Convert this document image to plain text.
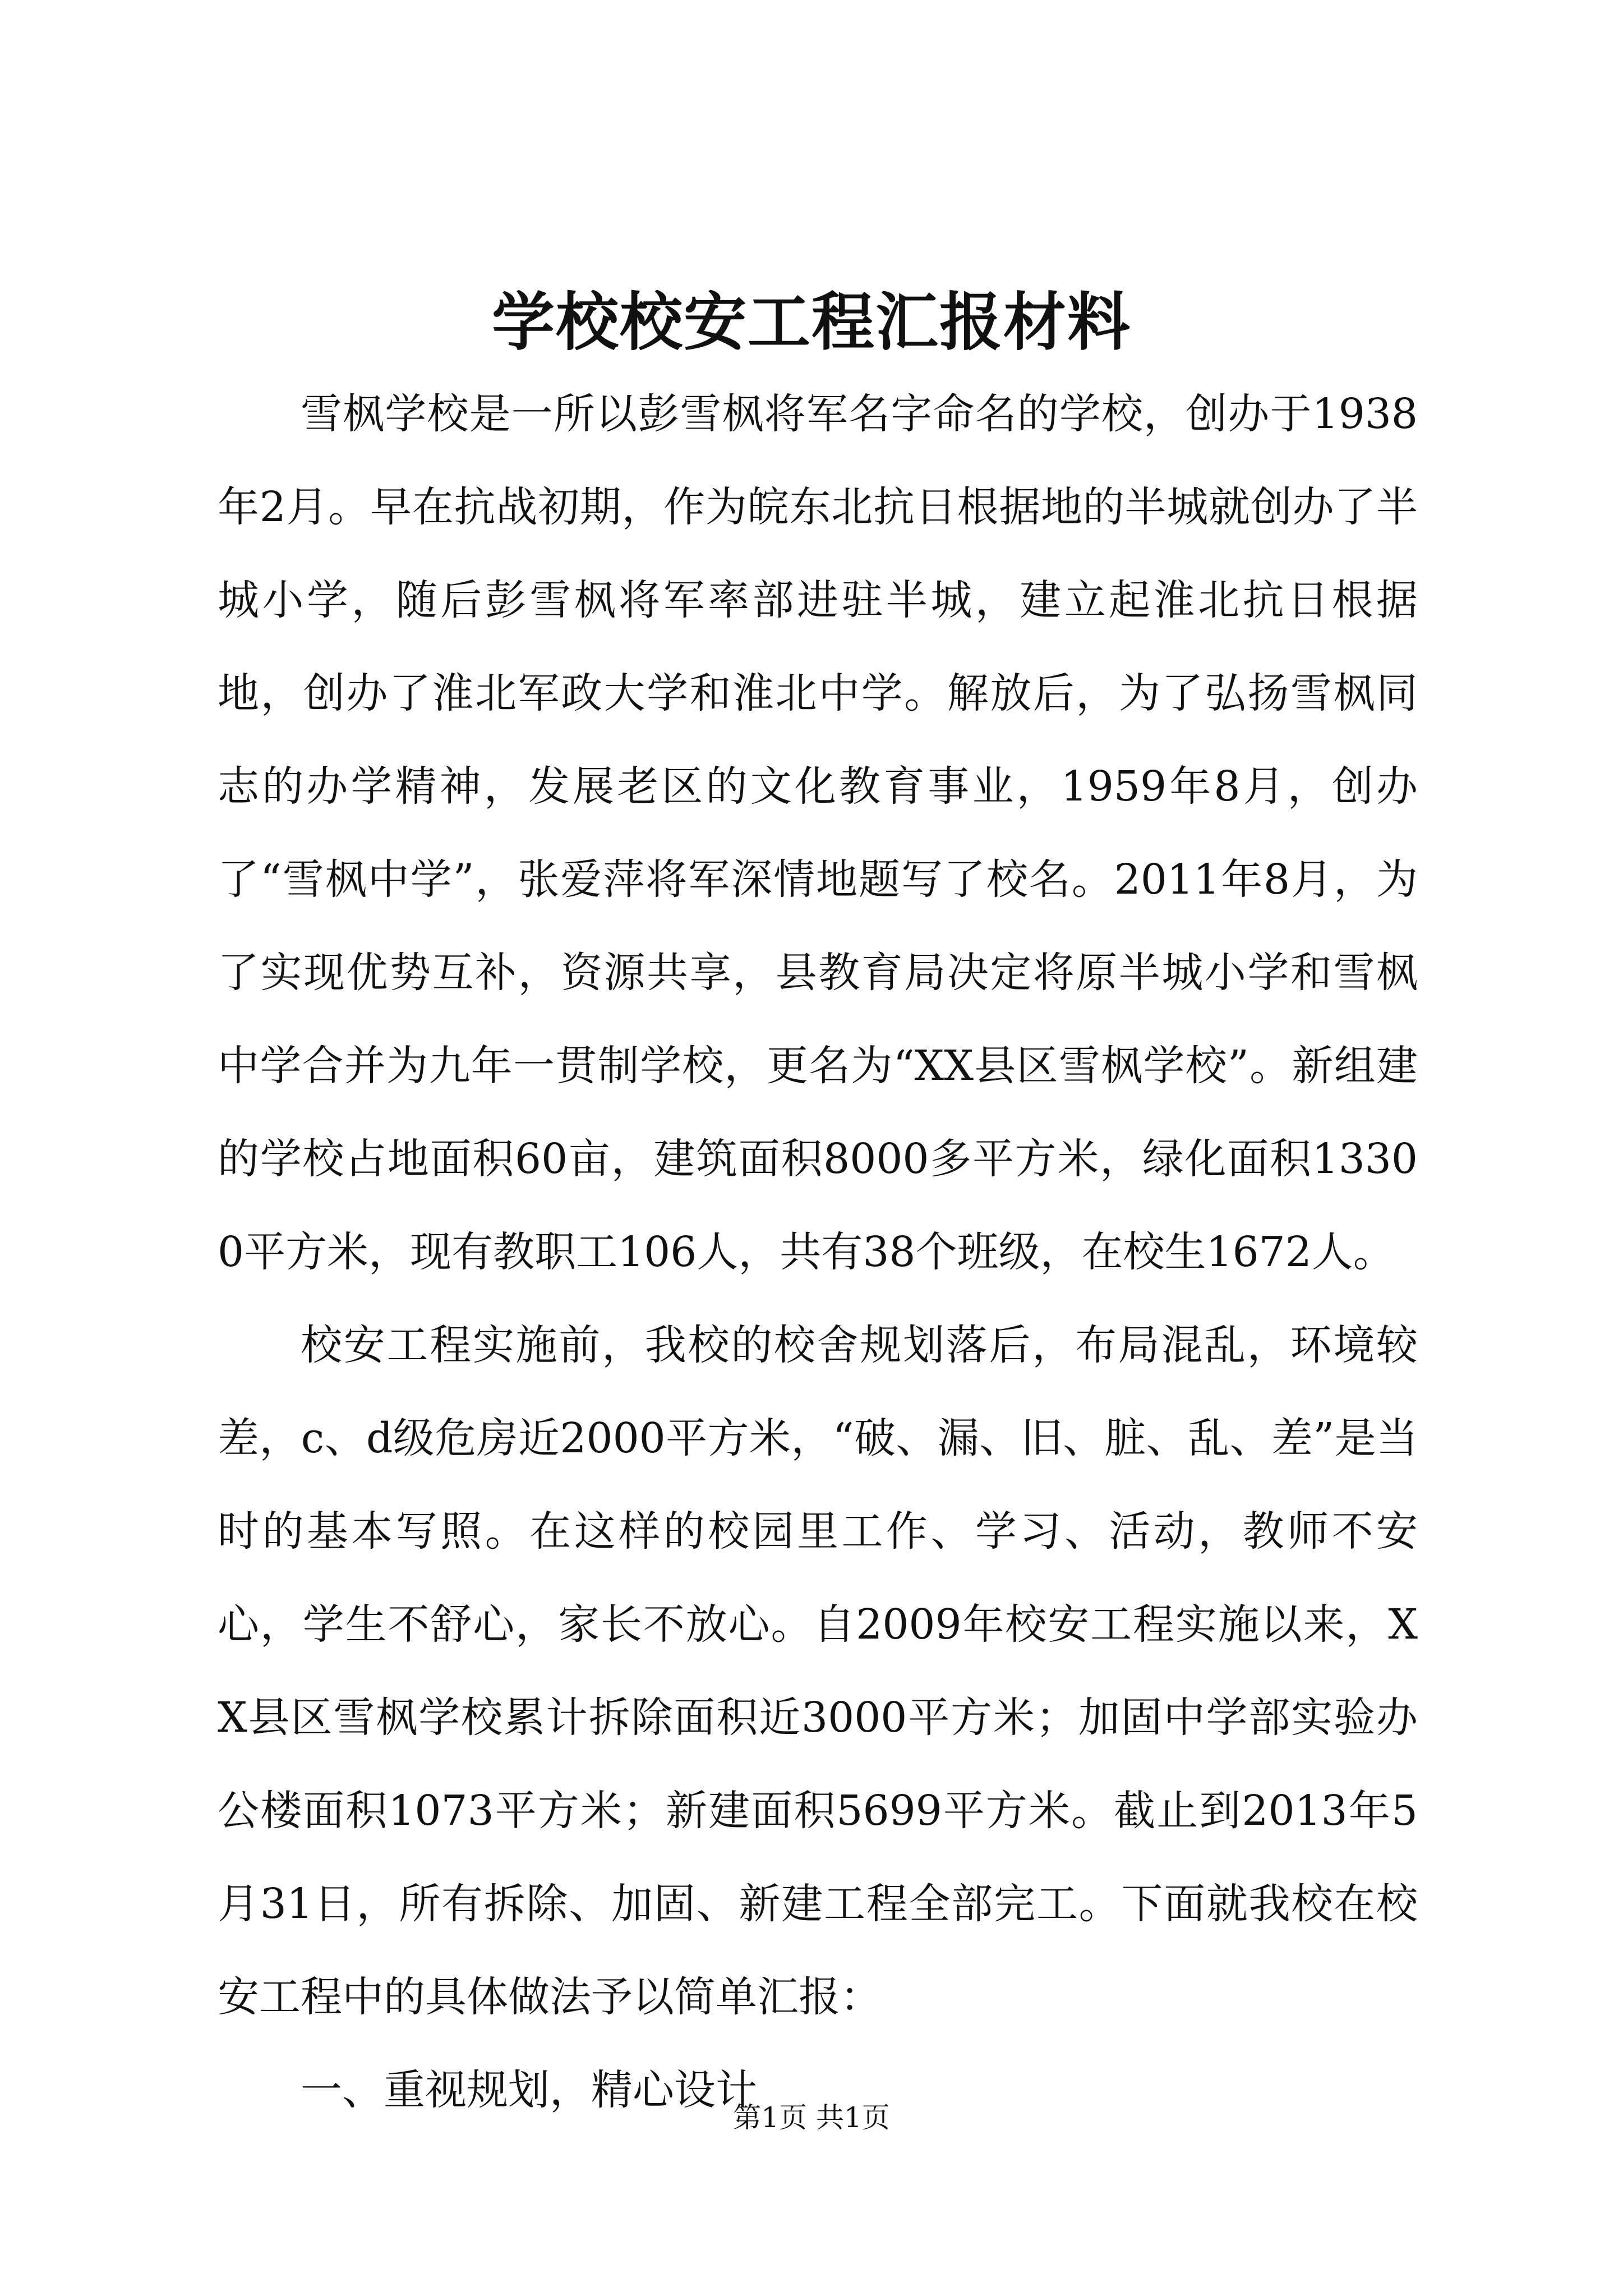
学校校安工程汇报材料

雪枫学校是一所以彭雪枫将军名字命名的学校，创办于1938年2月。早在抗战初期，作为皖东北抗日根据地的半城就创办了半城小学，随后彭雪枫将军率部进驻半城，建立起淮北抗日根据地，创办了淮北军政大学和淮北中学。解放后，为了弘扬雪枫同志的办学精神，发展老区的文化教育事业，1959年8月，创办了“雪枫中学”，张爱萍将军深情地题写了校名。2011年8月，为了实现优势互补，资源共享，县教育局决定将原半城小学和雪枫中学合并为九年一贯制学校，更名为“XX县区雪枫学校”。新组建的学校占地面积60亩，建筑面积8000多平方米，绿化面积13300平方米，现有教职工106人，共有38个班级，在校生1672人。

校安工程实施前，我校的校舍规划落后，布局混乱，环境较差，c、d级危房近2000平方米，“破、漏、旧、脏、乱、差”是当时的基本写照。在这样的校园里工作、学习、活动，教师不安心，学生不舒心，家长不放心。自2009年校安工程实施以来，XX县区雪枫学校累计拆除面积近3000平方米；加固中学部实验办公楼面积1073平方米；新建面积5699平方米。截止到2013年5月31日，所有拆除、加固、新建工程全部完工。下面就我校在校安工程中的具体做法予以简单汇报：

一、重视规划，精心设计

第1页 共1页
